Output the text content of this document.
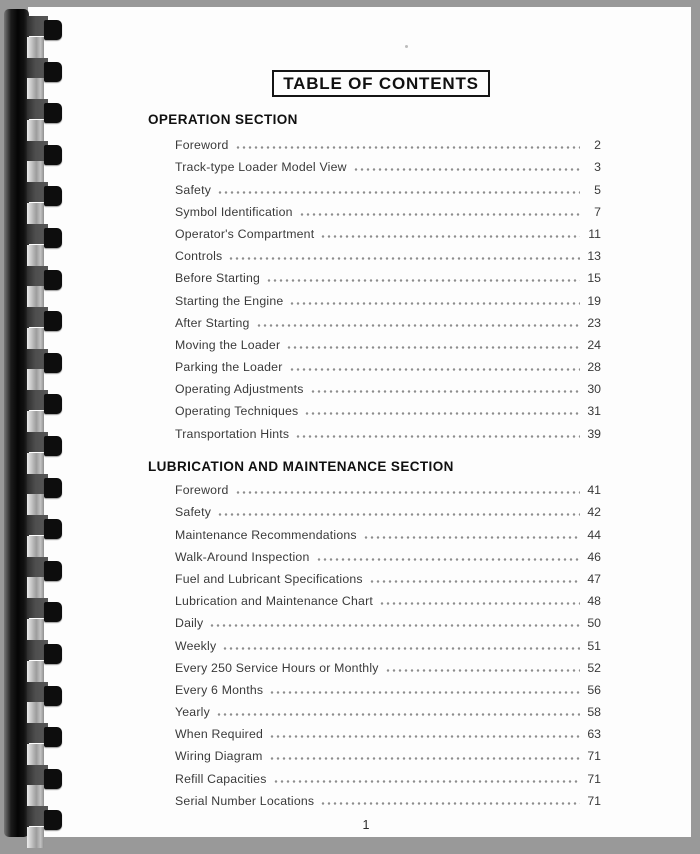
TABLE OF CONTENTS
OPERATION SECTION
Foreword	2
Track-type Loader Model View	3
Safety	5
Symbol Identification	7
Operator's Compartment	11
Controls	13
Before Starting	15
Starting the Engine	19
After Starting	23
Moving the Loader	24
Parking the Loader	28
Operating Adjustments	30
Operating Techniques	31
Transportation Hints	39
LUBRICATION AND MAINTENANCE SECTION
Foreword	41
Safety	42
Maintenance Recommendations	44
Walk-Around Inspection	46
Fuel and Lubricant Specifications	47
Lubrication and Maintenance Chart	48
Daily	50
Weekly	51
Every 250 Service Hours or Monthly	52
Every 6 Months	56
Yearly	58
When Required	63
Wiring Diagram	71
Refill Capacities	71
Serial Number Locations	71
1
